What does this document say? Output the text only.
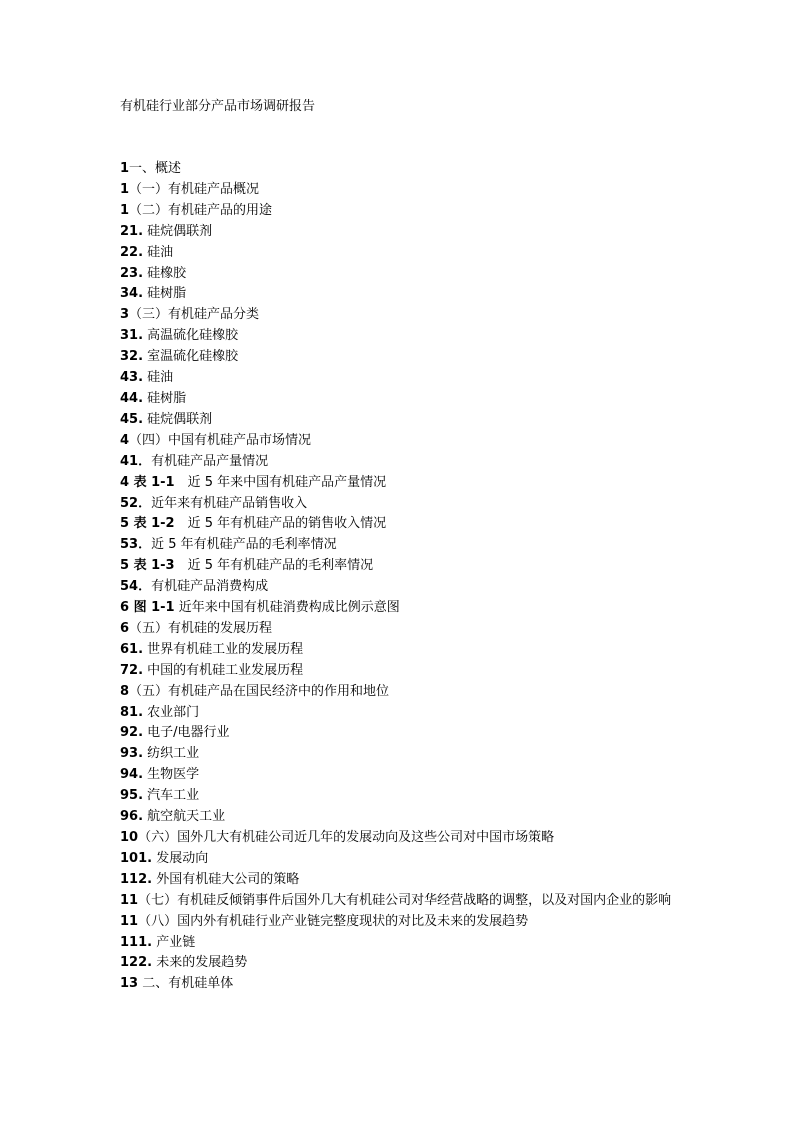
有机硅行业部分产品市场调研报告
1一、概述
1（一）有机硅产品概况
1（二）有机硅产品的用途
21. 硅烷偶联剂
22. 硅油
23. 硅橡胶
34. 硅树脂
3（三）有机硅产品分类
31. 高温硫化硅橡胶
32. 室温硫化硅橡胶
43. 硅油
44. 硅树脂
45. 硅烷偶联剂
4（四）中国有机硅产品市场情况
41．有机硅产品产量情况
4 表 1-1　近 5 年来中国有机硅产品产量情况
52．近年来有机硅产品销售收入
5 表 1-2　近 5 年有机硅产品的销售收入情况
53．近 5 年有机硅产品的毛利率情况
5 表 1-3　近 5 年有机硅产品的毛利率情况
54．有机硅产品消费构成
6 图 1-1 近年来中国有机硅消费构成比例示意图
6（五）有机硅的发展历程
61. 世界有机硅工业的发展历程
72. 中国的有机硅工业发展历程
8（五）有机硅产品在国民经济中的作用和地位
81. 农业部门
92. 电子/电器行业
93. 纺织工业
94. 生物医学
95. 汽车工业
96. 航空航天工业
10（六）国外几大有机硅公司近几年的发展动向及这些公司对中国市场策略
101. 发展动向
112. 外国有机硅大公司的策略
11（七）有机硅反倾销事件后国外几大有机硅公司对华经营战略的调整，以及对国内企业的影响
11（八）国内外有机硅行业产业链完整度现状的对比及未来的发展趋势
111. 产业链
122. 未来的发展趋势
13 二、有机硅单体
